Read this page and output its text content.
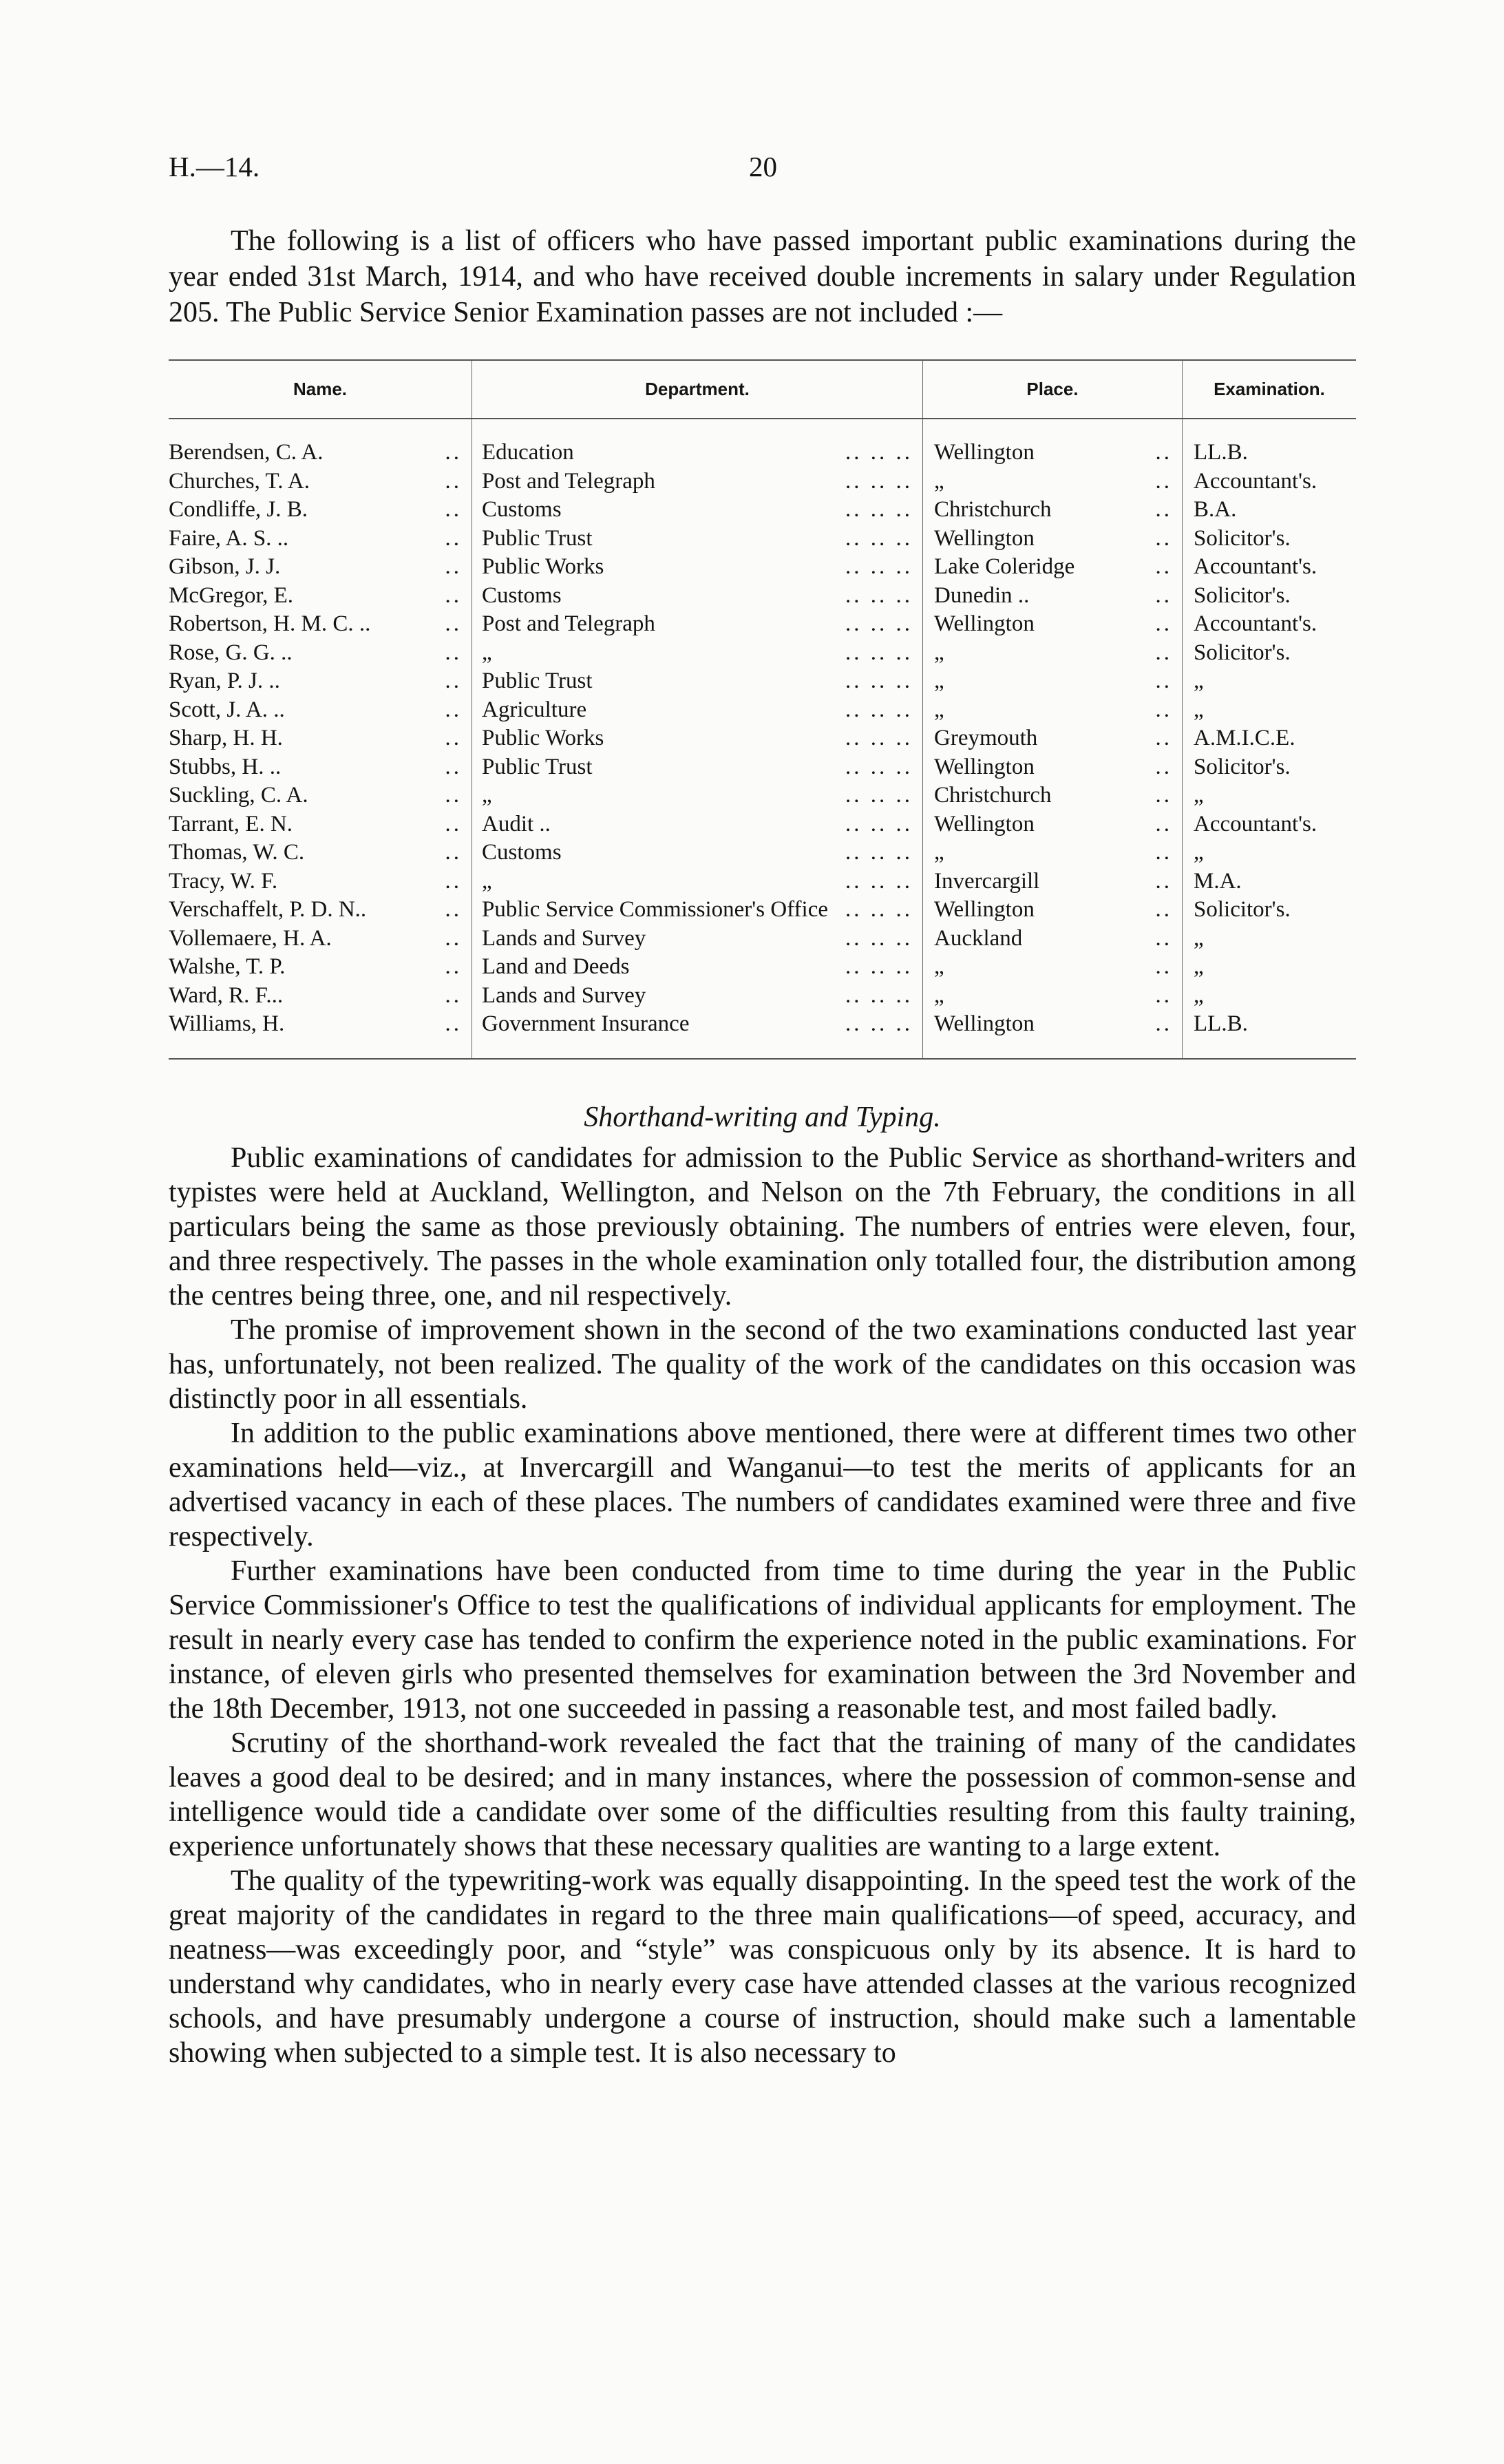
H.—14.	20

The following is a list of officers who have passed important public examinations during the year ended 31st March, 1914, and who have received double increments in salary under Regulation 205. The Public Service Senior Examination passes are not included :—

Name.	Department.	Place.	Examination.
Berendsen, C. A. ..	Education .. .. ..	Wellington ..	LL.B.
Churches, T. A. ..	Post and Telegraph .. .. ..	„ ..	Accountant's.
Condliffe, J. B. ..	Customs .. .. ..	Christchurch ..	B.A.
Faire, A. S. .. ..	Public Trust .. .. ..	Wellington ..	Solicitor's.
Gibson, J. J. ..	Public Works .. .. ..	Lake Coleridge ..	Accountant's.
McGregor, E. ..	Customs .. .. ..	Dunedin .. ..	Solicitor's.
Robertson, H. M. C. .. ..	Post and Telegraph .. .. ..	Wellington ..	Accountant's.
Rose, G. G. .. ..	„ .. .. ..	„ ..	Solicitor's.
Ryan, P. J. .. ..	Public Trust .. .. ..	„ ..	„
Scott, J. A. .. ..	Agriculture .. .. ..	„ ..	„
Sharp, H. H. ..	Public Works .. .. ..	Greymouth ..	A.M.I.C.E.
Stubbs, H. .. ..	Public Trust .. .. ..	Wellington ..	Solicitor's.
Suckling, C. A. ..	„ .. .. ..	Christchurch ..	„
Tarrant, E. N. ..	Audit .. .. .. ..	Wellington ..	Accountant's.
Thomas, W. C. ..	Customs .. .. ..	„ ..	„
Tracy, W. F. ..	„ .. .. ..	Invercargill ..	M.A.
Verschaffelt, P. D. N.. ..	Public Service Commissioner's Office .. .. ..	Wellington ..	Solicitor's.
Vollemaere, H. A. ..	Lands and Survey .. .. ..	Auckland ..	„
Walshe, T. P. ..	Land and Deeds .. .. ..	„ ..	„
Ward, R. F... ..	Lands and Survey .. .. ..	„ ..	„
Williams, H. ..	Government Insurance .. .. ..	Wellington ..	LL.B.
Shorthand-writing and Typing.

Public examinations of candidates for admission to the Public Service as shorthand-writers and typistes were held at Auckland, Wellington, and Nelson on the 7th February, the conditions in all particulars being the same as those previously obtaining. The numbers of entries were eleven, four, and three respectively. The passes in the whole examination only totalled four, the distribution among the centres being three, one, and nil respectively.

The promise of improvement shown in the second of the two examinations conducted last year has, unfortunately, not been realized. The quality of the work of the candidates on this occasion was distinctly poor in all essentials.

In addition to the public examinations above mentioned, there were at different times two other examinations held—viz., at Invercargill and Wanganui—to test the merits of applicants for an advertised vacancy in each of these places. The numbers of candidates examined were three and five respectively.

Further examinations have been conducted from time to time during the year in the Public Service Commissioner's Office to test the qualifications of individual applicants for employment. The result in nearly every case has tended to confirm the experience noted in the public examinations. For instance, of eleven girls who presented themselves for examination between the 3rd November and the 18th December, 1913, not one succeeded in passing a reasonable test, and most failed badly.

Scrutiny of the shorthand-work revealed the fact that the training of many of the candidates leaves a good deal to be desired; and in many instances, where the possession of common-sense and intelligence would tide a candidate over some of the difficulties resulting from this faulty training, experience unfortunately shows that these necessary qualities are wanting to a large extent.

The quality of the typewriting-work was equally disappointing. In the speed test the work of the great majority of the candidates in regard to the three main qualifications—of speed, accuracy, and neatness—was exceedingly poor, and “style” was conspicuous only by its absence. It is hard to understand why candidates, who in nearly every case have attended classes at the various recognized schools, and have presumably undergone a course of instruction, should make such a lamentable showing when subjected to a simple test. It is also necessary to
